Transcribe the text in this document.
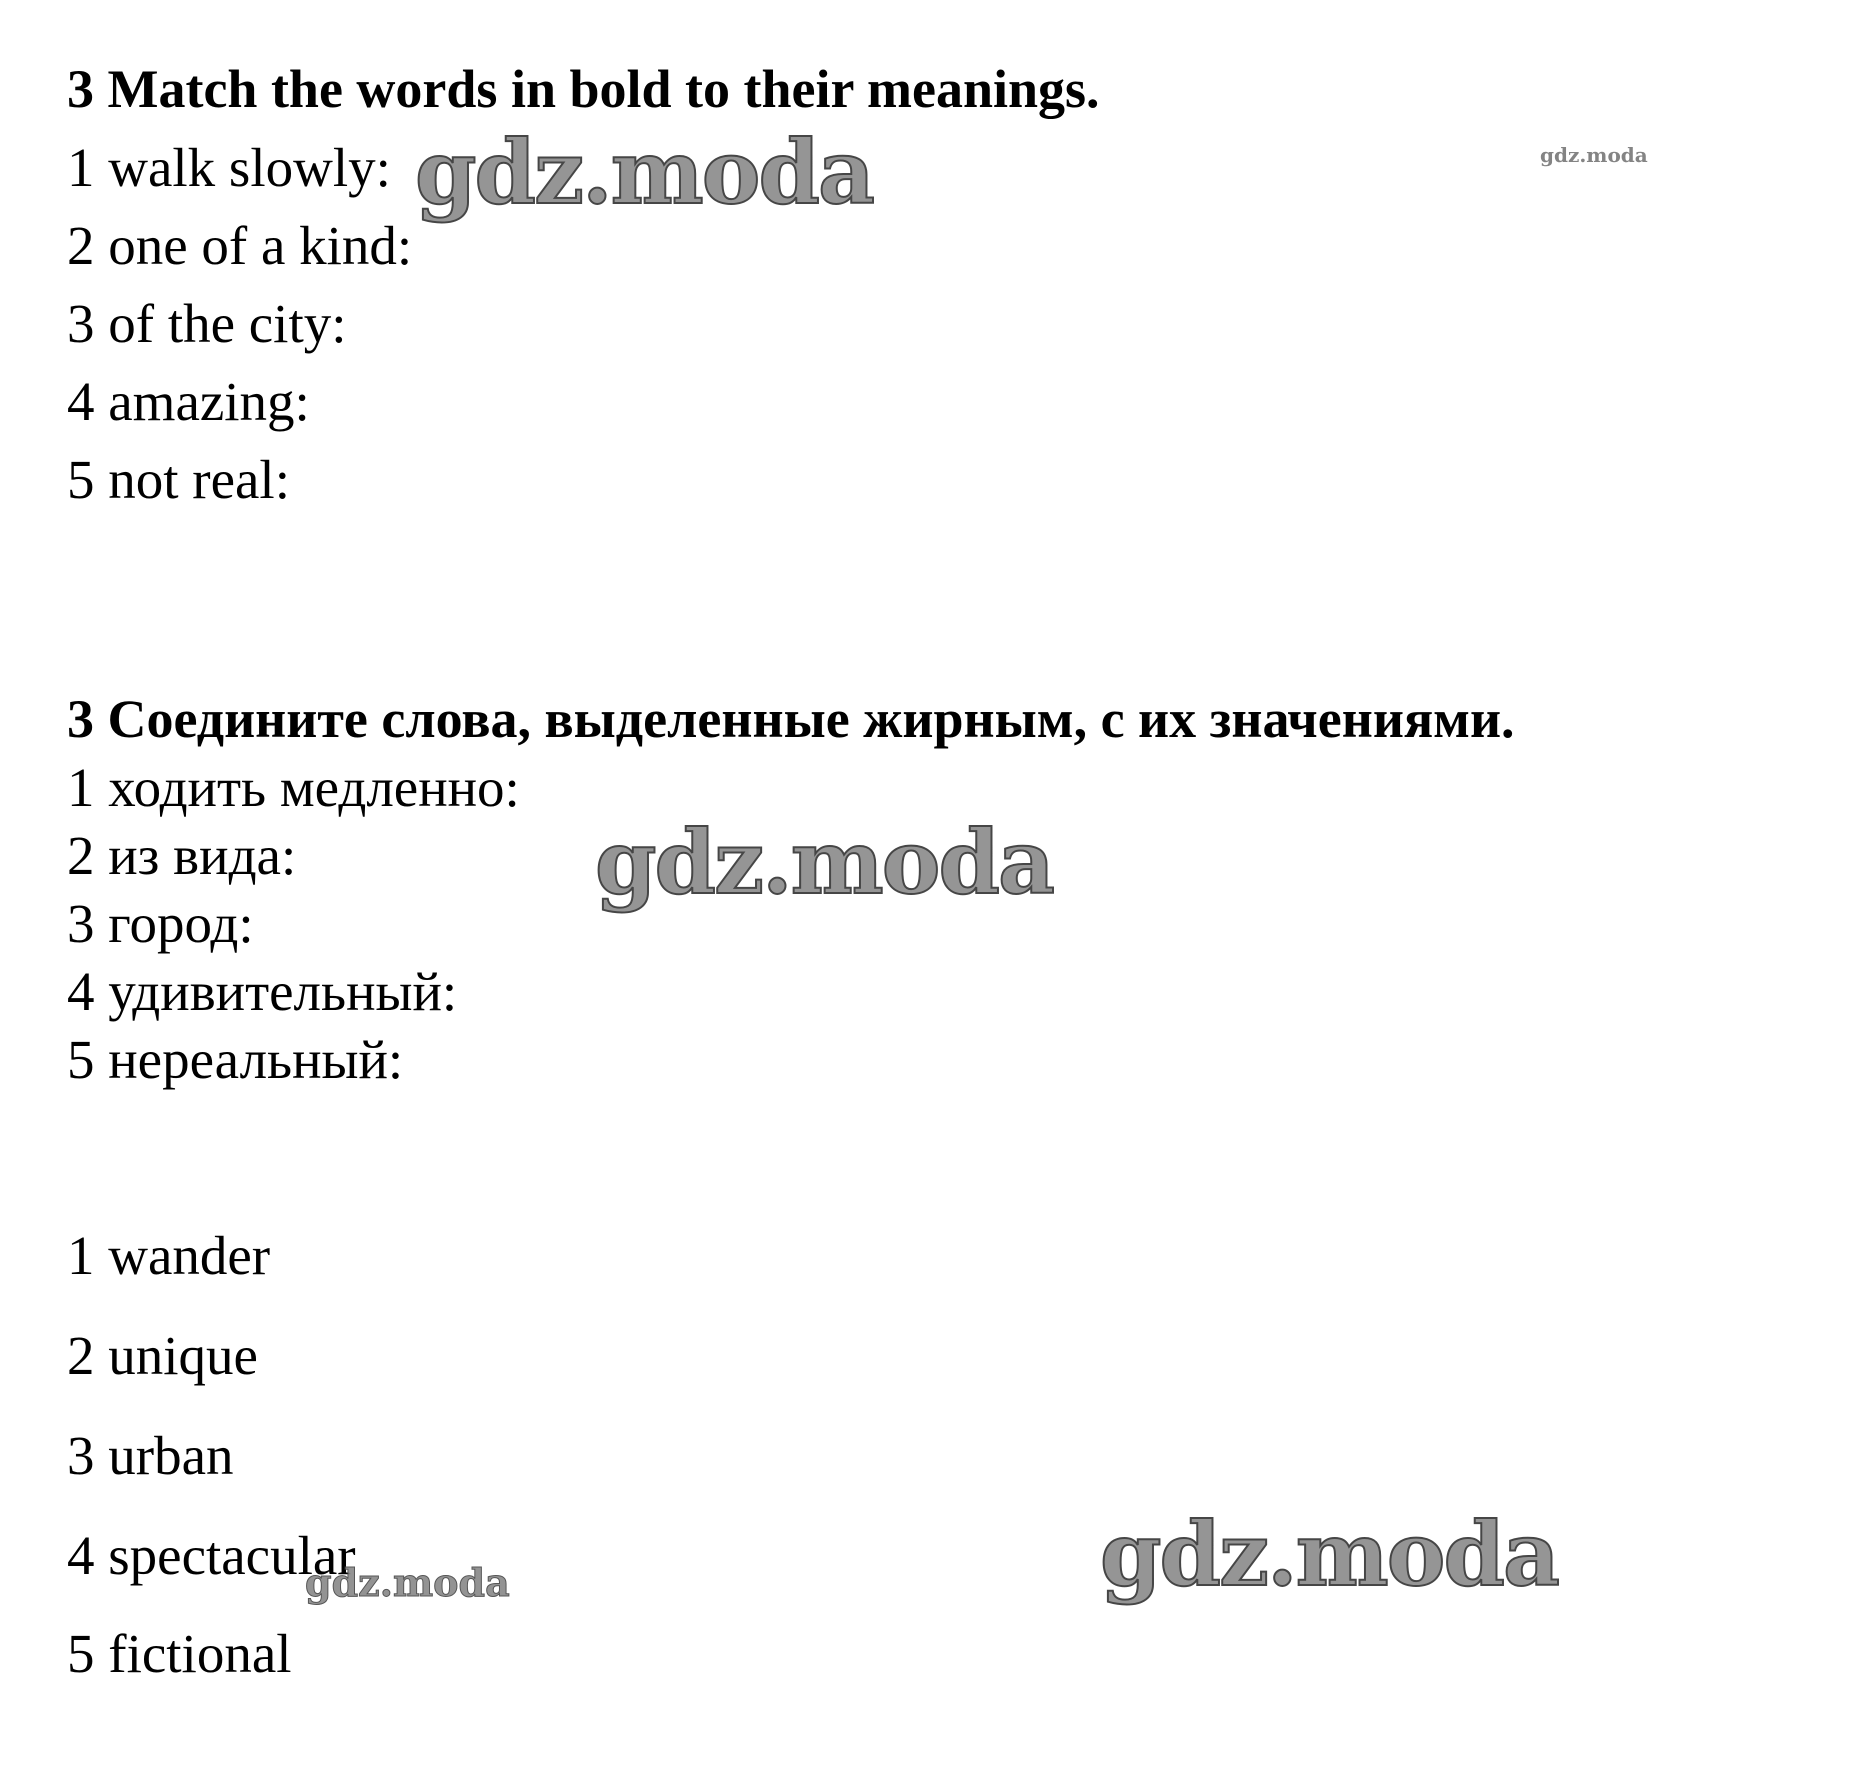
3 Match the words in bold to their meanings.
1 walk slowly:
2 one of a kind:
3 of the city:
4 amazing:
5 not real:
3 Соедините слова, выделенные жирным, с их значениями.
1 ходить медленно:
2 из вида:
3 город:
4 удивительный:
5 нереальный:
1 wander
2 unique
3 urban
4 spectacular
5 fictional
gdz.moda	gdz.moda
gdz.moda
gdz.moda	gdz.moda
